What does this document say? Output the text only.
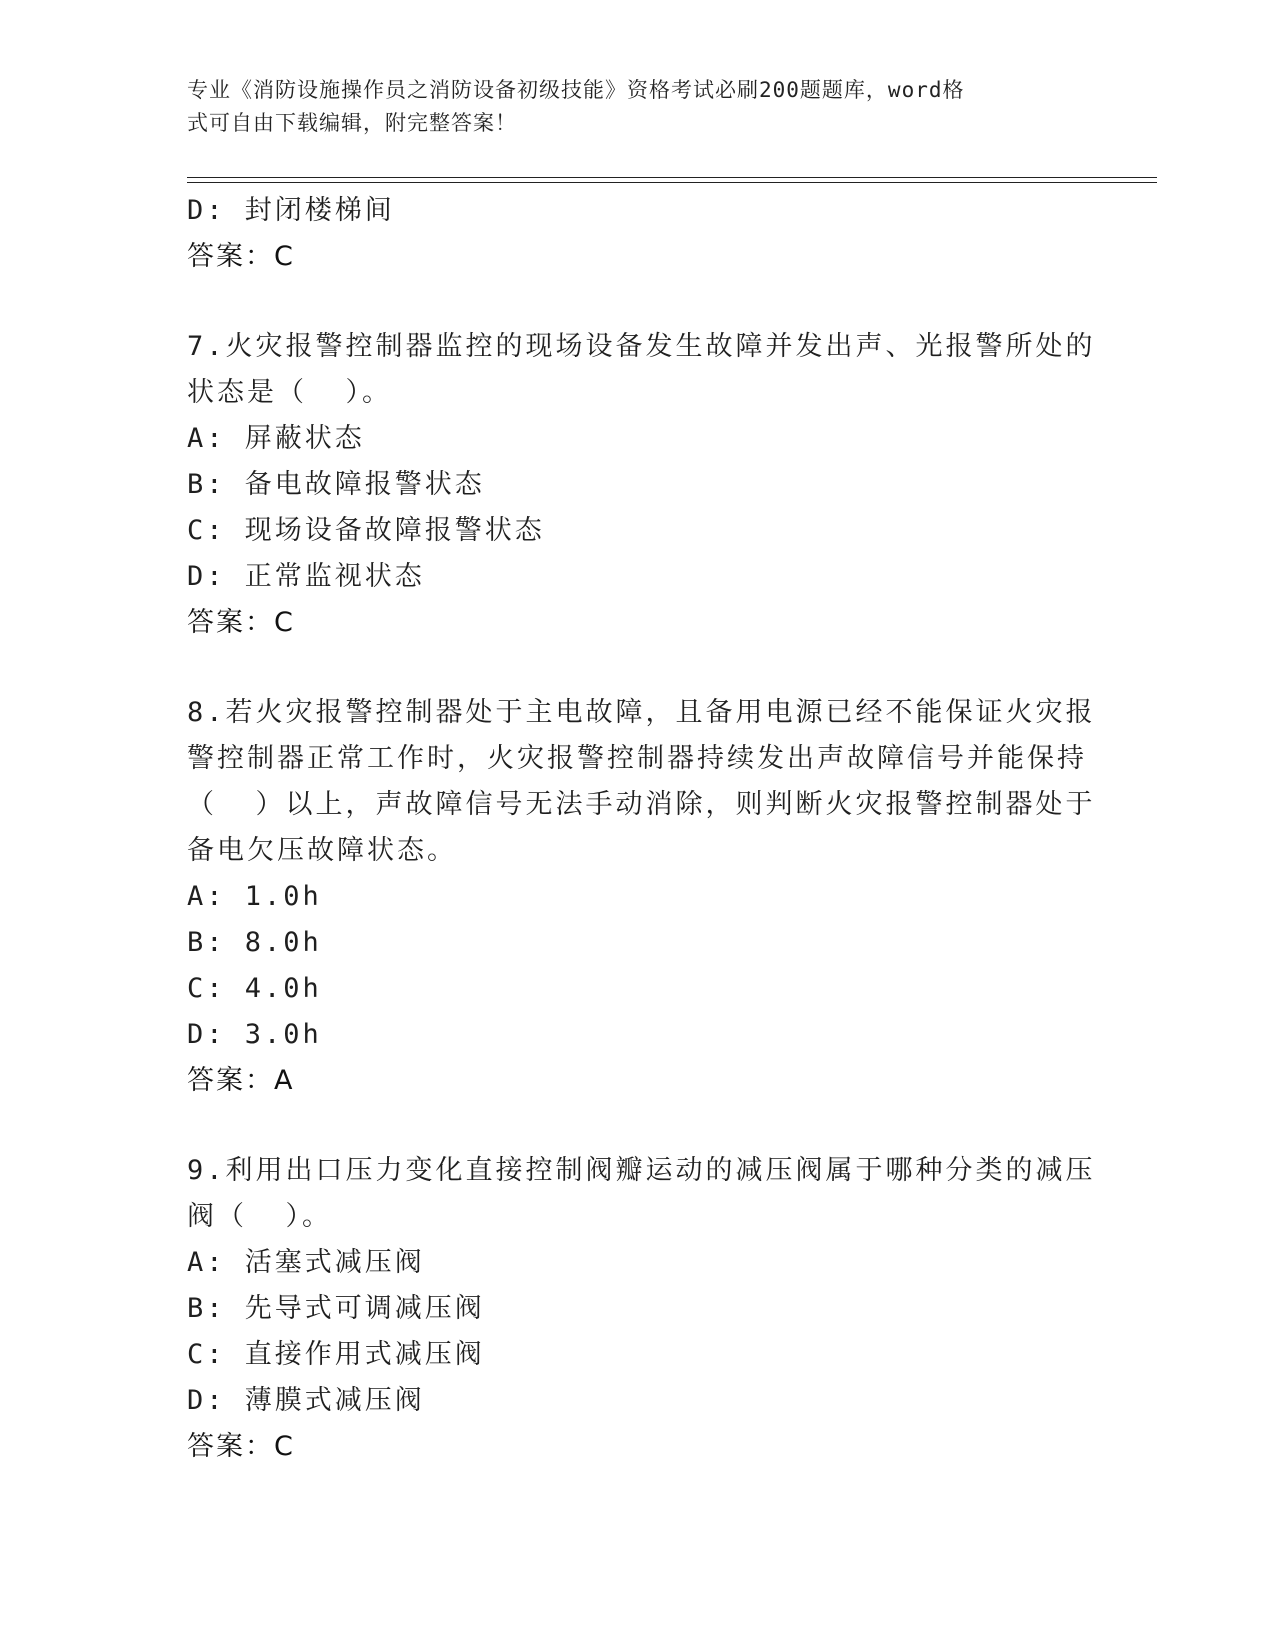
专业《消防设施操作员之消防设备初级技能》资格考试必刷200题题库，word格
式可自由下载编辑，附完整答案！
D: 封闭楼梯间
答案：C
7.火灾报警控制器监控的现场设备发生故障并发出声、光报警所处的
状态是（  ）。
A: 屏蔽状态
B: 备电故障报警状态
C: 现场设备故障报警状态
D: 正常监视状态
答案：C
8.若火灾报警控制器处于主电故障，且备用电源已经不能保证火灾报
警控制器正常工作时，火灾报警控制器持续发出声故障信号并能保持
（  ）以上，声故障信号无法手动消除，则判断火灾报警控制器处于
备电欠压故障状态。
A: 1.0h
B: 8.0h
C: 4.0h
D: 3.0h
答案：A
9.利用出口压力变化直接控制阀瓣运动的减压阀属于哪种分类的减压
阀（  ）。
A: 活塞式减压阀
B: 先导式可调减压阀
C: 直接作用式减压阀
D: 薄膜式减压阀
答案：C
